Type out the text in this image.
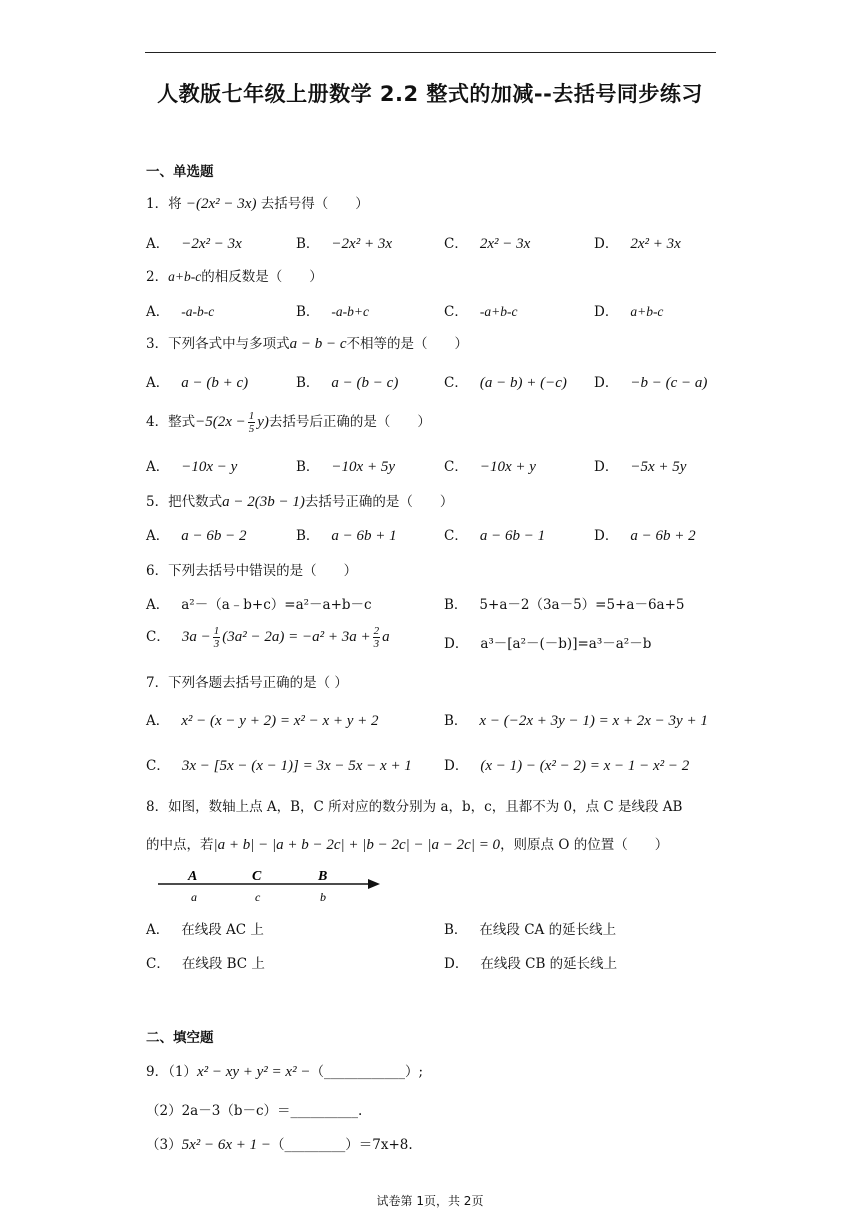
人教版七年级上册数学 2.2 整式的加减--去括号同步练习
一、单选题
1．将 −(2x² − 3x) 去括号得（　　）
A． −2x² − 3x	B． −2x² + 3x	C． 2x² − 3x	D． 2x² + 3x
2．a+b-c的相反数是（　　）
A． -a-b-c	B． -a-b+c	C． -a+b-c	D． a+b-c
3．下列各式中与多项式a − b − c不相等的是（　　）
A． a − (b + c)	B． a − (b − c)	C． (a − b) + (−c) D． −b − (c − a)
4．整式$-5(2x - \frac{1}{5} y)$去括号后正确的是（　　）
A． −10x − y	B． −10x + 5y	C． −10x + y	D． −5x + 5y
5．把代数式a − 2(3b − 1)去括号正确的是（　　）
A． a − 6b − 2	B． a − 6b + 1	C． a − 6b − 1	D． a − 6b + 2
6．下列去括号中错误的是（　　）
A． a²－（a﹣b+c）=a²－a+b－c	B． 5+a－2（3a－5）=5+a－6a+5
C． $3a - \frac{1}{3} (3a^2 - 2a) = -a^2 + 3a + \frac{2}{3}$ a	D． a³－[a²－(－b)]=a³－a²－b
7．下列各题去括号正确的是（ ）
A． x² − (x − y + 2) = x² − x + y + 2	B． x − (−2x + 3y − 1) = x + 2x − 3y + 1
C． 3x − [5x − (x − 1)] = 3x − 5x − x + 1 D． (x − 1) − (x² − 2) = x − 1 − x² − 2
8．如图，数轴上点 A，B，C 所对应的数分别为 a，b，c，且都不为 0，点 C 是线段 AB
的中点，若|a + b| − |a + b − 2c| + |b − 2c| − |a − 2c| = 0，则原点 O 的位置（　　）
A	C	B
a	c	b
A． 在线段 AC 上	B． 在线段 CA 的延长线上
C． 在线段 BC 上	D． 在线段 CB 的延长线上
二、填空题
9．（1）x² − xy + y² = x² −（____________）;
（2）2a－3（b－c）＝__________.
（3）5x² − 6x + 1 −（_________）＝7x+8.
试卷第 1页，共 2页
